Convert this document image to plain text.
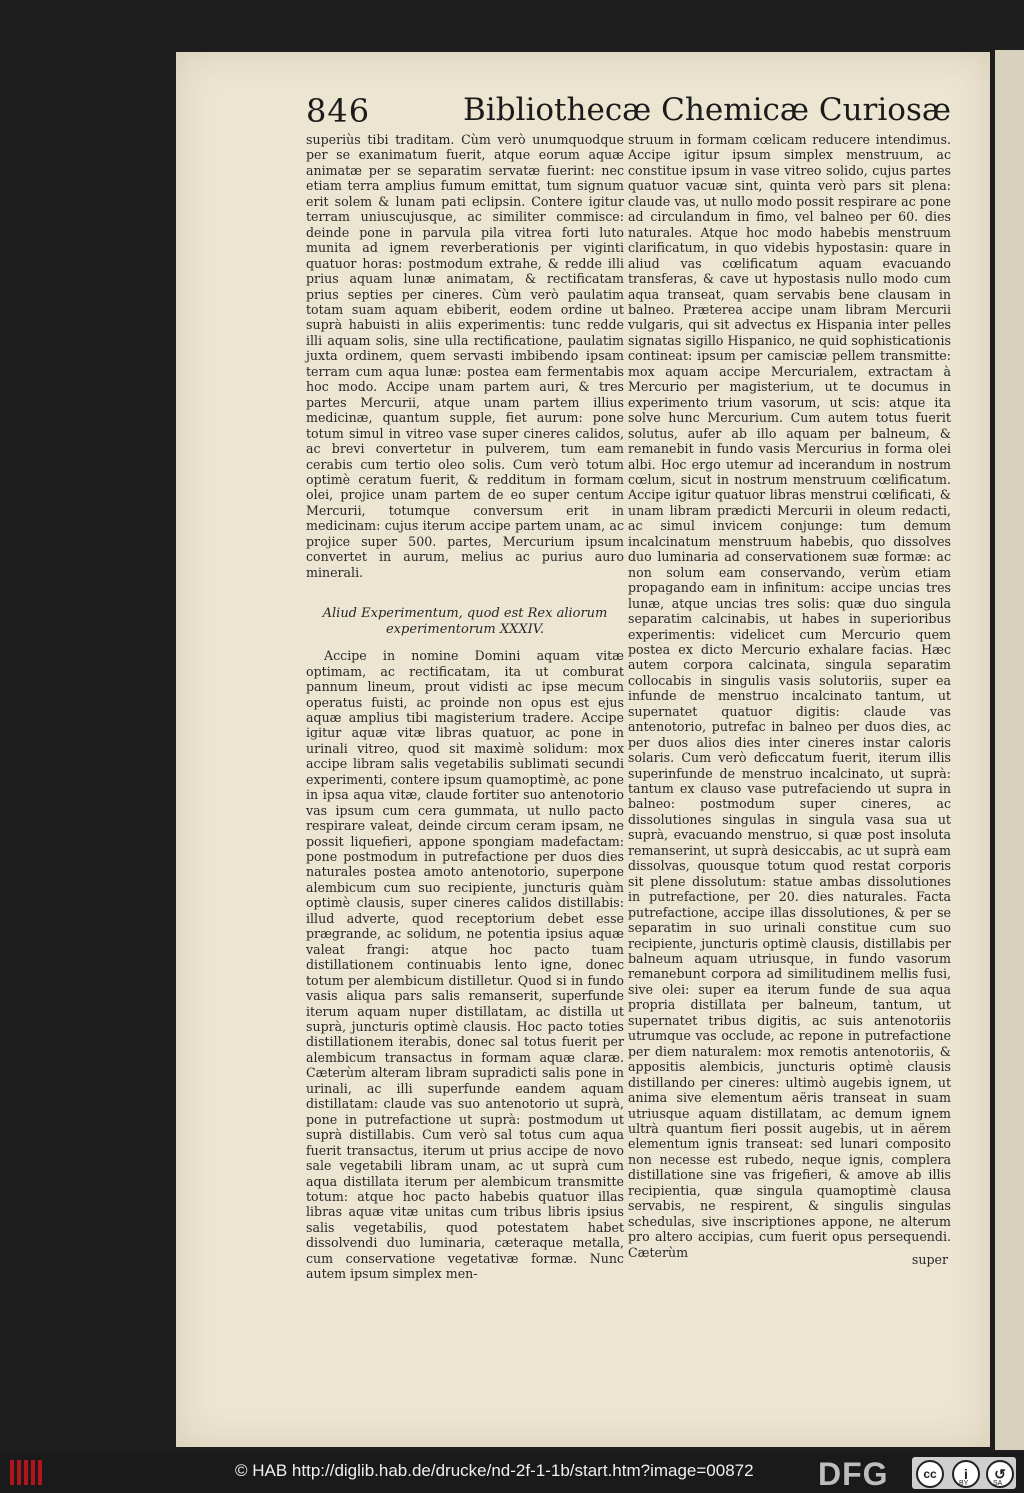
846	Bibliothecæ Chemicæ Curiosæ

superiùs tibi traditam. Cùm verò unumquodque per se exanimatum fuerit, atque eorum aquæ animatæ per se separatim servatæ fuerint: nec etiam terra amplius fumum emittat, tum signum erit solem & lunam pati eclipsin. Contere igitur terram uniuscujusque, ac similiter commisce: deinde pone in parvula pila vitrea forti luto munita ad ignem reverberationis per viginti quatuor horas: postmodum extrahe, & redde illi prius aquam lunæ animatam, & rectificatam prius septies per cineres. Cùm verò paulatim totam suam aquam ebiberit, eodem ordine ut suprà habuisti in aliis experimentis: tunc redde illi aquam solis, sine ulla rectificatione, paulatim juxta ordinem, quem servasti imbibendo ipsam terram cum aqua lunæ: postea eam fermentabis hoc modo. Accipe unam partem auri, & tres partes Mercurii, atque unam partem illius medicinæ, quantum supple, fiet aurum: pone totum simul in vitreo vase super cineres calidos, ac brevi convertetur in pulverem, tum eam cerabis cum tertio oleo solis. Cum verò totum optimè ceratum fuerit, & redditum in formam olei, projice unam partem de eo super centum Mercurii, totumque conversum erit in medicinam: cujus iterum accipe partem unam, ac projice super 500. partes, Mercurium ipsum convertet in aurum, melius ac purius auro minerali.

Aliud Experimentum, quod est Rex aliorum experimentorum XXXIV.

Accipe in nomine Domini aquam vitæ optimam, ac rectificatam, ita ut comburat pannum lineum, prout vidisti ac ipse mecum operatus fuisti, ac proinde non opus est ejus aquæ amplius tibi magisterium tradere. Accipe igitur aquæ vitæ libras quatuor, ac pone in urinali vitreo, quod sit maximè solidum: mox accipe libram salis vegetabilis sublimati secundi experimenti, contere ipsum quamoptimè, ac pone in ipsa aqua vitæ, claude fortiter suo antenotorio vas ipsum cum cera gummata, ut nullo pacto respirare valeat, deinde circum ceram ipsam, ne possit liquefieri, appone spongiam madefactam: pone postmodum in putrefactione per duos dies naturales postea amoto antenotorio, superpone alembicum cum suo recipiente, juncturis quàm optimè clausis, super cineres calidos distillabis: illud adverte, quod receptorium debet esse prægrande, ac solidum, ne potentia ipsius aquæ valeat frangi: atque hoc pacto tuam distillationem continuabis lento igne, donec totum per alembicum distilletur. Quod si in fundo vasis aliqua pars salis remanserit, superfunde iterum aquam nuper distillatam, ac distilla ut suprà, juncturis optimè clausis. Hoc pacto toties distillationem iterabis, donec sal totus fuerit per alembicum transactus in formam aquæ claræ. Cæterùm alteram libram supradicti salis pone in urinali, ac illi superfunde eandem aquam distillatam: claude vas suo antenotorio ut suprà, pone in putrefactione ut suprà: postmodum ut suprà distillabis. Cum verò sal totus cum aqua fuerit transactus, iterum ut prius accipe de novo sale vegetabili libram unam, ac ut suprà cum aqua distillata iterum per alembicum transmitte totum: atque hoc pacto habebis quatuor illas libras aquæ vitæ unitas cum tribus libris ipsius salis vegetabilis, quod potestatem habet dissolvendi duo luminaria, cæteraque metalla, cum conservatione vegetativæ formæ. Nunc autem ipsum simplex men-

struum in formam cœlicam reducere intendimus. Accipe igitur ipsum simplex menstruum, ac constitue ipsum in vase vitreo solido, cujus partes quatuor vacuæ sint, quinta verò pars sit plena: claude vas, ut nullo modo possit respirare ac pone ad circulandum in fimo, vel balneo per 60. dies naturales. Atque hoc modo habebis menstruum clarificatum, in quo videbis hypostasin: quare in aliud vas cœlificatum aquam evacuando transferas, & cave ut hypostasis nullo modo cum aqua transeat, quam servabis bene clausam in balneo. Præterea accipe unam libram Mercurii vulgaris, qui sit advectus ex Hispania inter pelles signatas sigillo Hispanico, ne quid sophisticationis contineat: ipsum per camisciæ pellem transmitte: mox aquam accipe Mercurialem, extractam à Mercurio per magisterium, ut te documus in experimento trium vasorum, ut scis: atque ita solve hunc Mercurium. Cum autem totus fuerit solutus, aufer ab illo aquam per balneum, & remanebit in fundo vasis Mercurius in forma olei albi. Hoc ergo utemur ad incerandum in nostrum cœlum, sicut in nostrum menstruum cœlificatum. Accipe igitur quatuor libras menstrui cœlificati, & unam libram prædicti Mercurii in oleum redacti, ac simul invicem conjunge: tum demum incalcinatum menstruum habebis, quo dissolves duo luminaria ad conservationem suæ formæ: ac non solum eam conservando, verùm etiam propagando eam in infinitum: accipe uncias tres lunæ, atque uncias tres solis: quæ duo singula separatim calcinabis, ut habes in superioribus experimentis: videlicet cum Mercurio quem postea ex dicto Mercurio exhalare facias. Hæc autem corpora calcinata, singula separatim collocabis in singulis vasis solutoriis, super ea infunde de menstruo incalcinato tantum, ut supernatet quatuor digitis: claude vas antenotorio, putrefac in balneo per duos dies, ac per duos alios dies inter cineres instar caloris solaris. Cum verò deficcatum fuerit, iterum illis superinfunde de menstruo incalcinato, ut suprà: tantum ex clauso vase putrefaciendo ut supra in balneo: postmodum super cineres, ac dissolutiones singulas in singula vasa sua ut suprà, evacuando menstruo, si quæ post insoluta remanserint, ut suprà desiccabis, ac ut suprà eam dissolvas, quousque totum quod restat corporis sit plene dissolutum: statue ambas dissolutiones in putrefactione, per 20. dies naturales. Facta putrefactione, accipe illas dissolutiones, & per se separatim in suo urinali constitue cum suo recipiente, juncturis optimè clausis, distillabis per balneum aquam utriusque, in fundo vasorum remanebunt corpora ad similitudinem mellis fusi, sive olei: super ea iterum funde de sua aqua propria distillata per balneum, tantum, ut supernatet tribus digitis, ac suis antenotoriis utrumque vas occlude, ac repone in putrefactione per diem naturalem: mox remotis antenotoriis, & appositis alembicis, juncturis optimè clausis distillando per cineres: ultimò augebis ignem, ut anima sive elementum aëris transeat in suam utriusque aquam distillatam, ac demum ignem ultrà quantum fieri possit augebis, ut in aërem elementum ignis transeat: sed lunari composito non necesse est rubedo, neque ignis, complera distillatione sine vas frigefieri, & amove ab illis recipientia, quæ singula quamoptimè clausa servabis, ne respirent, & singulis singulas schedulas, sive inscriptiones appone, ne alterum pro altero accipias, cum fuerit opus persequendi. Cæterùm	super
© HAB http://diglib.hab.de/drucke/nd-2f-1-1b/start.htm?image=00872 DFG	cc	i	↺
BY	SA
